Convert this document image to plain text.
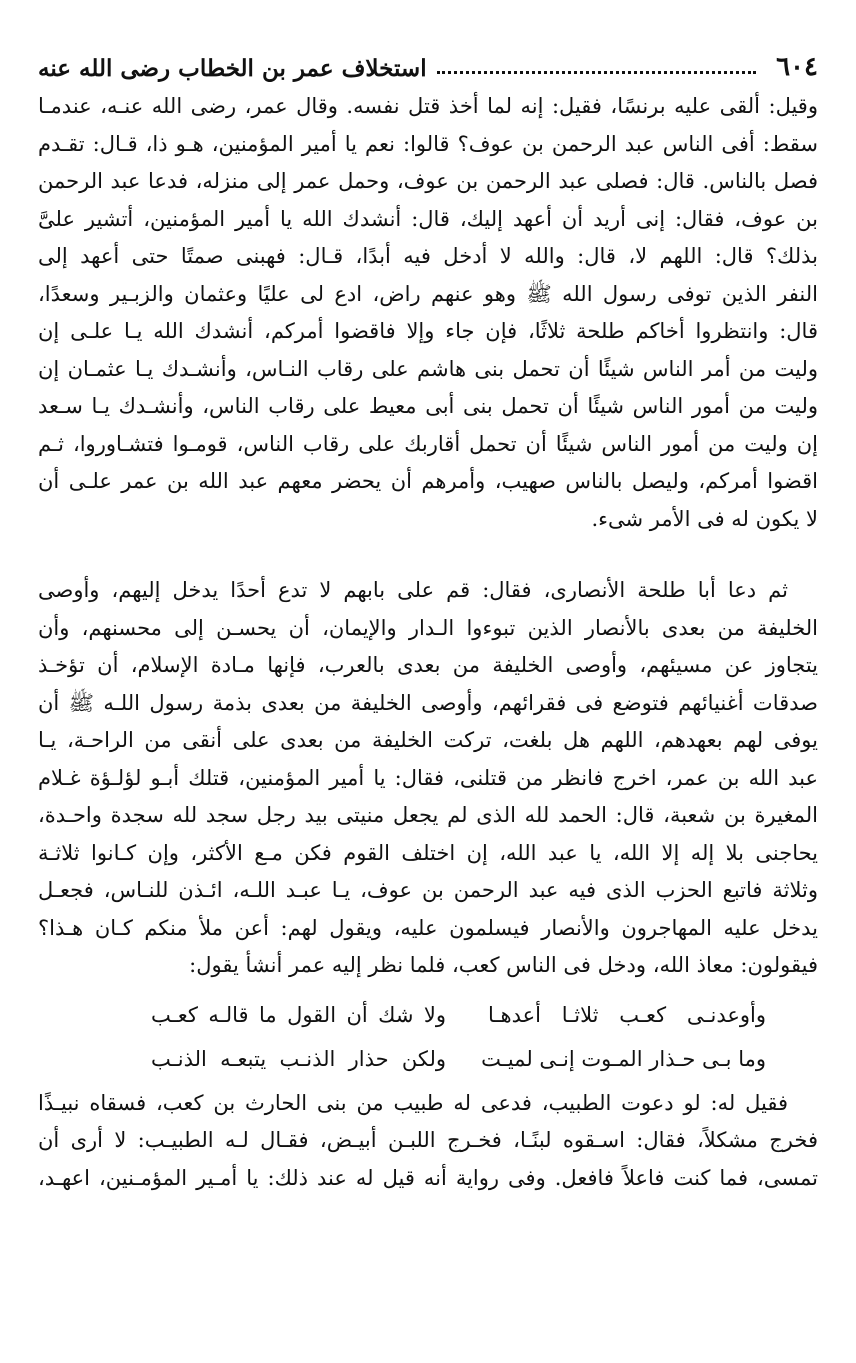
٦٠٤
استخلاف عمر بن الخطاب رضى الله عنه
وقيل: ألقى عليه برنسًا، فقيل: إنه لما أخذ قتل نفسه. وقال عمر، رضى الله عنـه، عندمـا
سقط: أفى الناس عبد الرحمن بن عوف؟ قالوا: نعم يا أمير المؤمنين، هـو ذا، قـال: تقـدم
فصل بالناس. قال: فصلى عبد الرحمن بن عوف، وحمل عمر إلى منزله، فدعا عبد الرحمن
بن عوف، فقال: إنى أريد أن أعهد إليك، قال: أنشدك الله يا أمير المؤمنين، أتشير علىَّ
بذلك؟ قال: اللهم لا، قال: والله لا أدخل فيه أبدًا، قـال: فهبنى صمتًا حتى أعهد إلى
النفر الذين توفى رسول الله ﷺ وهو عنهم راض، ادع لى عليًا وعثمان والزبـير وسعدًا،
قال: وانتظروا أخاكم طلحة ثلاثًا، فإن جاء وإلا فاقضوا أمركم، أنشدك الله يـا علـى إن
وليت من أمر الناس شيئًا أن تحمل بنى هاشم على رقاب النـاس، وأنشـدك يـا عثمـان إن
وليت من أمور الناس شيئًا أن تحمل بنى أبى معيط على رقاب الناس، وأنشـدك يـا سـعد
إن وليت من أمور الناس شيئًا أن تحمل أقاربك على رقاب الناس، قومـوا فتشـاوروا، ثـم
اقضوا أمركم، وليصل بالناس صهيب، وأمرهم أن يحضر معهم عبد الله بن عمر علـى أن
لا يكون له فى الأمر شىء.
ثم دعا أبا طلحة الأنصارى، فقال: قم على بابهم لا تدع أحدًا يدخل إليهم، وأوصى
الخليفة من بعدى بالأنصار الذين تبوءوا الـدار والإيمان، أن يحسـن إلى محسنهم، وأن
يتجاوز عن مسيئهم، وأوصى الخليفة من بعدى بالعرب، فإنها مـادة الإسلام، أن تؤخـذ
صدقات أغنيائهم فتوضع فى فقرائهم، وأوصى الخليفة من بعدى بذمة رسول اللـه ﷺ أن
يوفى لهم بعهدهم، اللهم هل بلغت، تركت الخليفة من بعدى على أنقى من الراحـة، يـا
عبد الله بن عمر، اخرج فانظر من قتلنى، فقال: يا أمير المؤمنين، قتلك أبـو لؤلـؤة غـلام
المغيرة بن شعبة، قال: الحمد لله الذى لم يجعل منيتى بيد رجل سجد لله سجدة واحـدة،
يحاجنى بلا إله إلا الله، يا عبد الله، إن اختلف القوم فكن مـع الأكثر، وإن كـانوا ثلاثـة
وثلاثة فاتبع الحزب الذى فيه عبد الرحمن بن عوف، يـا عبـد اللـه، ائـذن للنـاس، فجعـل
يدخل عليه المهاجرون والأنصار فيسلمون عليه، ويقول لهم: أعن ملأ منكم كـان هـذا؟
فيقولون: معاذ الله، ودخل فى الناس كعب، فلما نظر إليه عمر أنشأ يقول:
وأوعدنـى كعـب ثلاثـا أعدهـا
ولا شك أن القول ما قالـه كعـب
وما بـى حـذار المـوت إنـى لميـت
ولكن حذار الذنـب يتبعـه الذنـب
فقيل له: لو دعوت الطبيب، فدعى له طبيب من بنى الحارث بن كعب، فسقاه نبيـذًا
فخرج مشكلاً، فقال: اسـقوه لبنًـا، فخـرج اللبـن أبيـض، فقـال لـه الطبيـب: لا أرى أن
تمسى، فما كنت فاعلاً فافعل. وفى رواية أنه قيل له عند ذلك: يا أمـير المؤمـنين، اعهـد،
